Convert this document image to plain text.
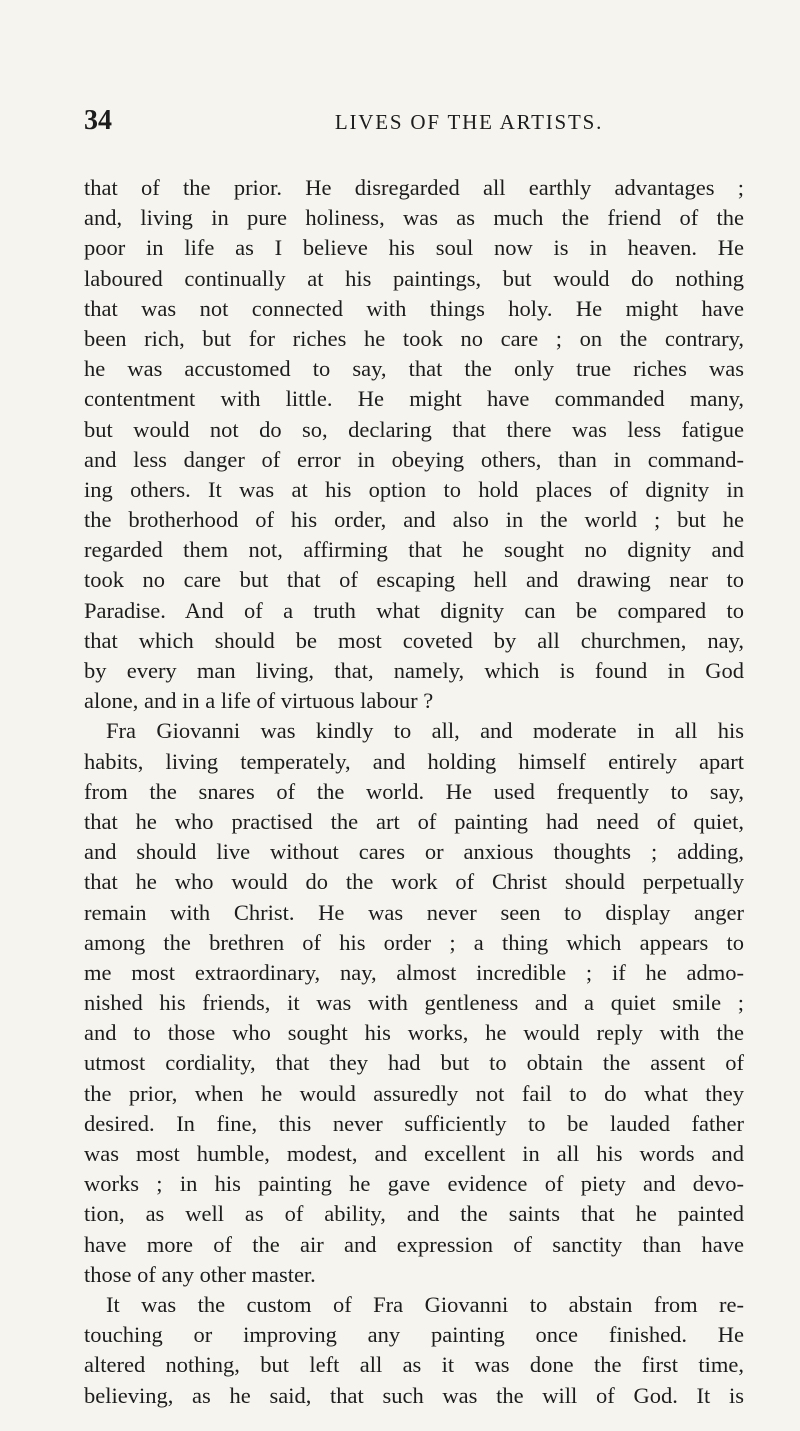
34	LIVES OF THE ARTISTS.
that of the prior. He disregarded all earthly advantages ;
and, living in pure holiness, was as much the friend of the
poor in life as I believe his soul now is in heaven. He
laboured continually at his paintings, but would do nothing
that was not connected with things holy. He might have
been rich, but for riches he took no care ; on the contrary,
he was accustomed to say, that the only true riches was
contentment with little. He might have commanded many,
but would not do so, declaring that there was less fatigue
and less danger of error in obeying others, than in command-
ing others. It was at his option to hold places of dignity in
the brotherhood of his order, and also in the world ; but he
regarded them not, affirming that he sought no dignity and
took no care but that of escaping hell and drawing near to
Paradise. And of a truth what dignity can be compared to
that which should be most coveted by all churchmen, nay,
by every man living, that, namely, which is found in God
alone, and in a life of virtuous labour ?
Fra Giovanni was kindly to all, and moderate in all his
habits, living temperately, and holding himself entirely apart
from the snares of the world. He used frequently to say,
that he who practised the art of painting had need of quiet,
and should live without cares or anxious thoughts ; adding,
that he who would do the work of Christ should perpetually
remain with Christ. He was never seen to display anger
among the brethren of his order ; a thing which appears to
me most extraordinary, nay, almost incredible ; if he admo-
nished his friends, it was with gentleness and a quiet smile ;
and to those who sought his works, he would reply with the
utmost cordiality, that they had but to obtain the assent of
the prior, when he would assuredly not fail to do what they
desired. In fine, this never sufficiently to be lauded father
was most humble, modest, and excellent in all his words and
works ; in his painting he gave evidence of piety and devo-
tion, as well as of ability, and the saints that he painted
have more of the air and expression of sanctity than have
those of any other master.
It was the custom of Fra Giovanni to abstain from re-
touching or improving any painting once finished. He
altered nothing, but left all as it was done the first time,
believing, as he said, that such was the will of God. It is
